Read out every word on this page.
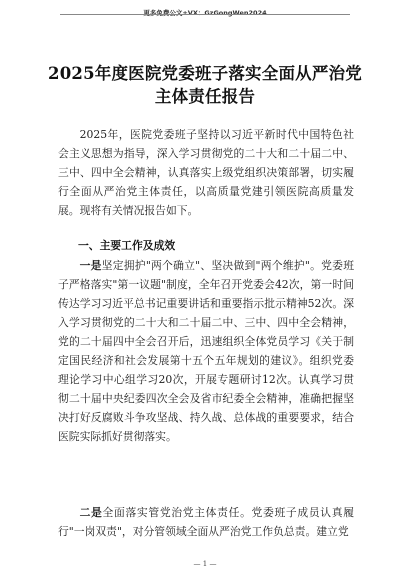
更多免费公文+VX：GzGongWen2024
2025年度医院党委班子落实全面从严治党主体责任报告

2025年，医院党委班子坚持以习近平新时代中国特色社会主义思想为指导，深入学习贯彻党的二十大和二十届二中、三中、四中全会精神，认真落实上级党组织决策部署，切实履行全面从严治党主体责任，以高质量党建引领医院高质量发展。现将有关情况报告如下。

一、主要工作及成效

一是坚定拥护"两个确立"、坚决做到"两个维护"。党委班子严格落实"第一议题"制度，全年召开党委会42次，第一时间传达学习习近平总书记重要讲话和重要指示批示精神52次。深入学习贯彻党的二十大和二十届二中、三中、四中全会精神，党的二十届四中全会召开后，迅速组织全体党员学习《关于制定国民经济和社会发展第十五个五年规划的建议》。组织党委理论学习中心组学习20次，开展专题研讨12次。认真学习贯彻二十届中央纪委四次全会及省市纪委全会精神，准确把握坚决打好反腐败斗争攻坚战、持久战、总体战的重要要求，结合医院实际抓好贯彻落实。

二是全面落实管党治党主体责任。党委班子成员认真履行"一岗双责"，对分管领域全面从严治党工作负总责。建立党

— 1 —
